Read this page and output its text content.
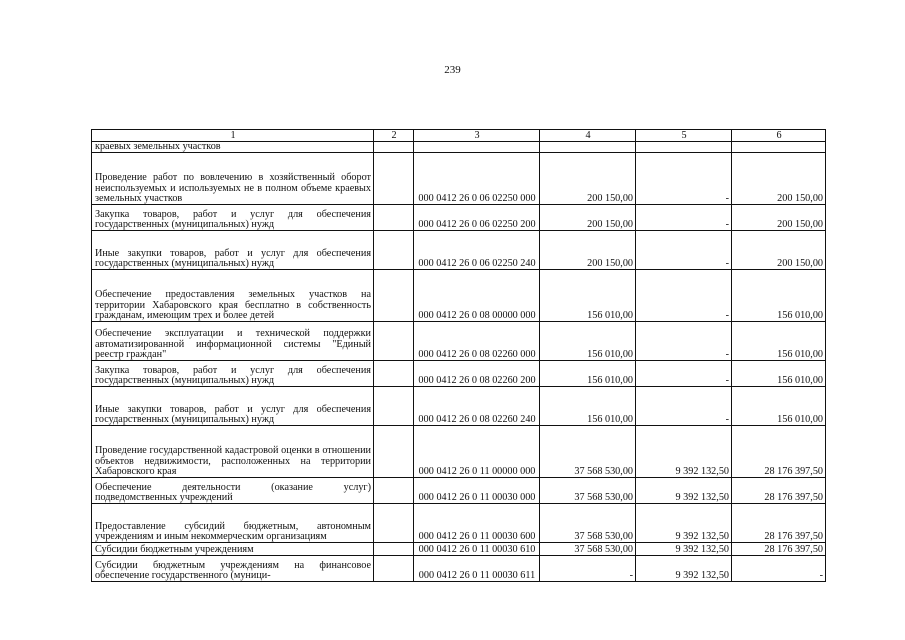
239
1	2	3	4	5	6
краевых земельных участков					
Проведение работ по вовлечению в хозяйственный оборот неиспользуемых и используемых не в полном объеме краевых земельных участков		000 0412 26 0 06 02250 000	200 150,00	-	200 150,00
Закупка товаров, работ и услуг для обеспечения государственных (муниципальных) нужд		000 0412 26 0 06 02250 200	200 150,00	-	200 150,00
Иные закупки товаров, работ и услуг для обеспечения государственных (муниципальных) нужд		000 0412 26 0 06 02250 240	200 150,00	-	200 150,00
Обеспечение предоставления земельных участков на территории Хабаровского края бесплатно в собственность гражданам, имеющим трех и более детей		000 0412 26 0 08 00000 000	156 010,00	-	156 010,00
Обеспечение эксплуатации и технической поддержки автоматизированной информационной системы "Единый реестр граждан"		000 0412 26 0 08 02260 000	156 010,00	-	156 010,00
Закупка товаров, работ и услуг для обеспечения государственных (муниципальных) нужд		000 0412 26 0 08 02260 200	156 010,00	-	156 010,00
Иные закупки товаров, работ и услуг для обеспечения государственных (муниципальных) нужд		000 0412 26 0 08 02260 240	156 010,00	-	156 010,00
Проведение государственной кадастровой оценки в отношении объектов недвижимости, расположенных на территории Хабаровского края		000 0412 26 0 11 00000 000	37 568 530,00	9 392 132,50	28 176 397,50
Обеспечение деятельности (оказание услуг) подведомственных учреждений		000 0412 26 0 11 00030 000	37 568 530,00	9 392 132,50	28 176 397,50
Предоставление субсидий бюджетным, автономным учреждениям и иным некоммерческим организациям		000 0412 26 0 11 00030 600	37 568 530,00	9 392 132,50	28 176 397,50
Субсидии бюджетным учреждениям		000 0412 26 0 11 00030 610	37 568 530,00	9 392 132,50	28 176 397,50
Субсидии бюджетным учреждениям на финансовое обеспечение государственного (муници-		000 0412 26 0 11 00030 611	-	9 392 132,50	-
